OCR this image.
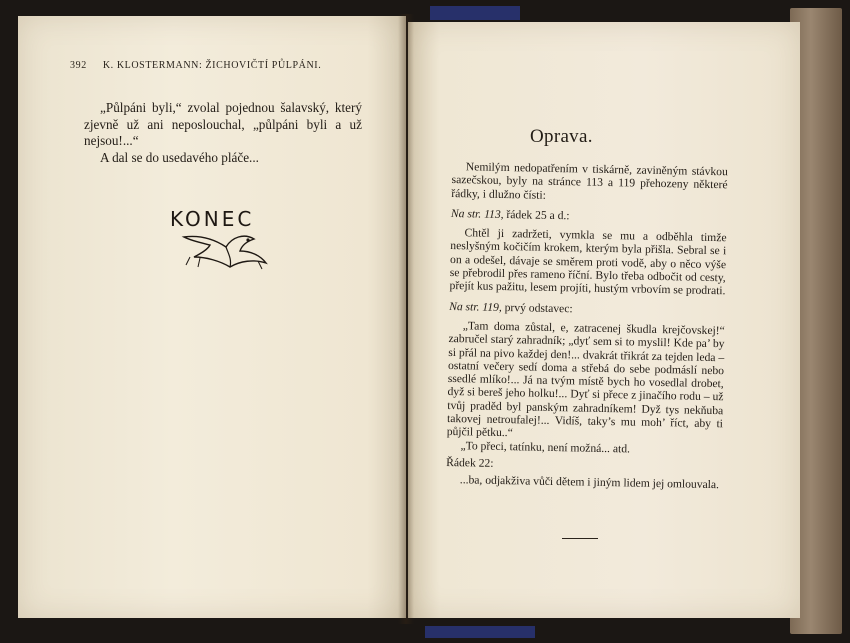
392 K. KLOSTERMANN: ŽICHOVIČTÍ PŮLPÁNI.

„Půlpáni byli,“ zvolal pojednou šalavský, který zjevně už ani neposlouchal, „půlpáni byli a už nejsou!...“

A dal se do usedavého pláče...

KONEC
Oprava.

Nemilým nedopatřením v tiskárně, zaviněným stávkou sazečskou, byly na stránce 113 a 119 přehozeny některé řádky, i dlužno čísti:

Na str. 113, řádek 25 a d.:

Chtěl ji zadržeti, vymkla se mu a odběhla timže neslyšným kočičím krokem, kterým byla přišla. Sebral se i on a odešel, dávaje se směrem proti vodě, aby o něco výše se přebrodil přes rameno říční. Bylo třeba odbočit od cesty, přejít kus pažitu, lesem projíti, hustým vrbovím se prodrati.

Na str. 119, prvý odstavec:

„Tam doma zůstal, e, zatracenej škudla krejčovskej!“ zabručel starý zahradník; „dyť sem si to myslil! Kde pa’ by si přál na pivo každej den!... dvakrát třikrát za tejden leda – ostatní večery sedí doma a střebá do sebe podmáslí nebo ssedlé mlíko!... Já na tvým místě bych ho vosedlal drobet, dyž si bereš jeho holku!... Dyť si přece z jinačího rodu – už tvůj praděd byl panským zahradníkem! Dyž tys nekňuba takovej netroufalej!... Vidíš, taky’s mu moh’ říct, aby ti půjčil pětku..“

„To přeci, tatínku, není možná... atd.

Řádek 22:

...ba, odjakživa vůči dětem i jiným lidem jej omlouvala.
